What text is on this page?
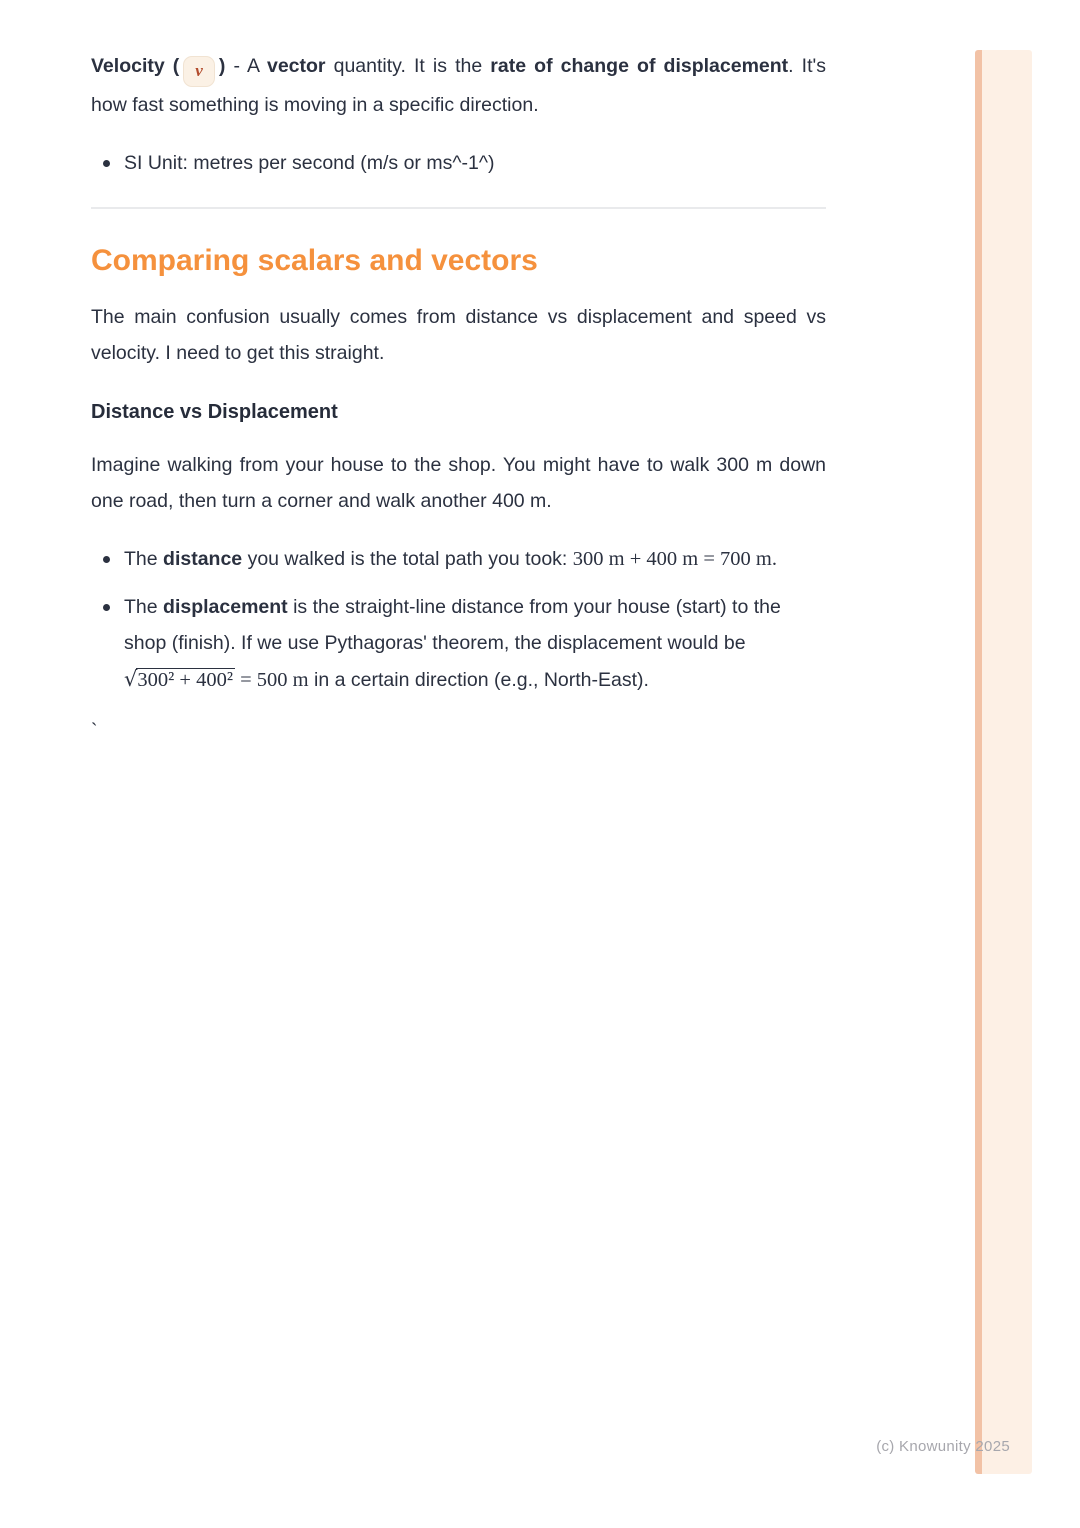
Velocity ( v ) - A vector quantity. It is the rate of change of displacement. It's how fast something is moving in a specific direction.

SI Unit: metres per second (m/s or ms^-1^)
Comparing scalars and vectors

The main confusion usually comes from distance vs displacement and speed vs velocity. I need to get this straight.

Distance vs Displacement

Imagine walking from your house to the shop. You might have to walk 300 m down one road, then turn a corner and walk another 400 m.

The distance you walked is the total path you took: 300 m + 400 m = 700 m.
The displacement is the straight-line distance from your house (start) to the shop (finish). If we use Pythagoras' theorem, the displacement would be √300² + 400² = 500 m in a certain direction (e.g., North-East).

`

(c) Knowunity 2025
